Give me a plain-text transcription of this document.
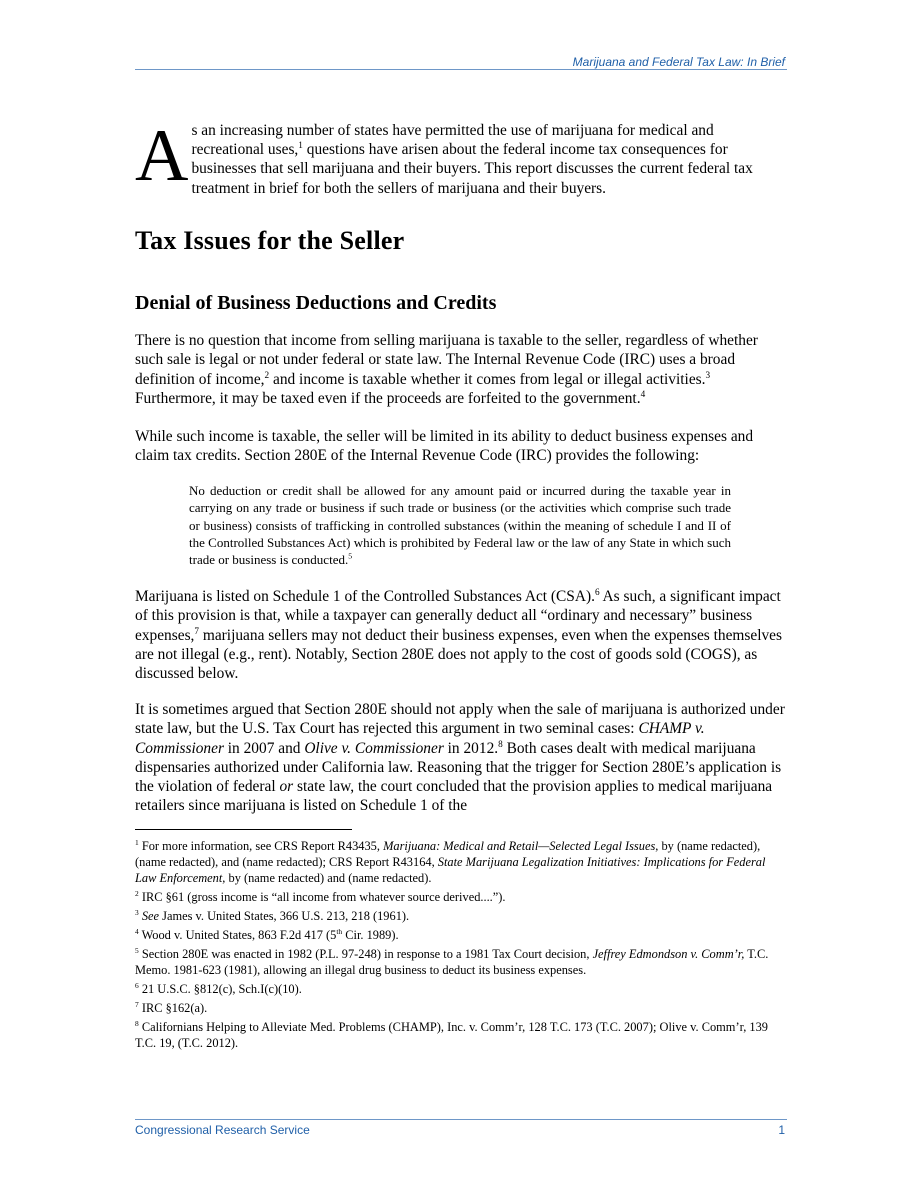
Marijuana and Federal Tax Law: In Brief
As an increasing number of states have permitted the use of marijuana for medical and recreational uses,$^1$ questions have arisen about the federal income tax consequences for businesses that sell marijuana and their buyers. This report discusses the current federal tax treatment in brief for both the sellers of marijuana and their buyers.
Tax Issues for the Seller
Denial of Business Deductions and Credits

There is no question that income from selling marijuana is taxable to the seller, regardless of whether such sale is legal or not under federal or state law. The Internal Revenue Code (IRC) uses a broad definition of income,$^2$ and income is taxable whether it comes from legal or illegal activities.$^3$ Furthermore, it may be taxed even if the proceeds are forfeited to the government.$^4$

While such income is taxable, the seller will be limited in its ability to deduct business expenses and claim tax credits. Section 280E of the Internal Revenue Code (IRC) provides the following:

No deduction or credit shall be allowed for any amount paid or incurred during the taxable year in carrying on any trade or business if such trade or business (or the activities which comprise such trade or business) consists of trafficking in controlled substances (within the meaning of schedule I and II of the Controlled Substances Act) which is prohibited by Federal law or the law of any State in which such trade or business is conducted.$^5$

Marijuana is listed on Schedule 1 of the Controlled Substances Act (CSA).$^6$ As such, a significant impact of this provision is that, while a taxpayer can generally deduct all “ordinary and necessary” business expenses,$^7$ marijuana sellers may not deduct their business expenses, even when the expenses themselves are not illegal (e.g., rent). Notably, Section 280E does not apply to the cost of goods sold (COGS), as discussed below.

It is sometimes argued that Section 280E should not apply when the sale of marijuana is authorized under state law, but the U.S. Tax Court has rejected this argument in two seminal cases: CHAMP v. Commissioner in 2007 and Olive v. Commissioner in 2012.$^8$ Both cases dealt with medical marijuana dispensaries authorized under California law. Reasoning that the trigger for Section 280E’s application is the violation of federal or state law, the court concluded that the provision applies to medical marijuana retailers since marijuana is listed on Schedule 1 of the

$^1$ For more information, see CRS Report R43435, Marijuana: Medical and Retail—Selected Legal Issues, by (name redacted), (name redacted), and (name redacted); CRS Report R43164, State Marijuana Legalization Initiatives: Implications for Federal Law Enforcement, by (name redacted) and (name redacted).

$^2$ IRC §61 (gross income is “all income from whatever source derived....”).

$^3$ See James v. United States, 366 U.S. 213, 218 (1961).

$^4$ Wood v. United States, 863 F.2d 417 (5th Cir. 1989).

$^5$ Section 280E was enacted in 1982 (P.L. 97-248) in response to a 1981 Tax Court decision, Jeffrey Edmondson v. Comm’r, T.C. Memo. 1981-623 (1981), allowing an illegal drug business to deduct its business expenses.

$^6$ 21 U.S.C. §812(c), Sch.I(c)(10).

$^7$ IRC §162(a).

$^8$ Californians Helping to Alleviate Med. Problems (CHAMP), Inc. v. Comm’r, 128 T.C. 173 (T.C. 2007); Olive v. Comm’r, 139 T.C. 19, (T.C. 2012).

Congressional Research Service	1
